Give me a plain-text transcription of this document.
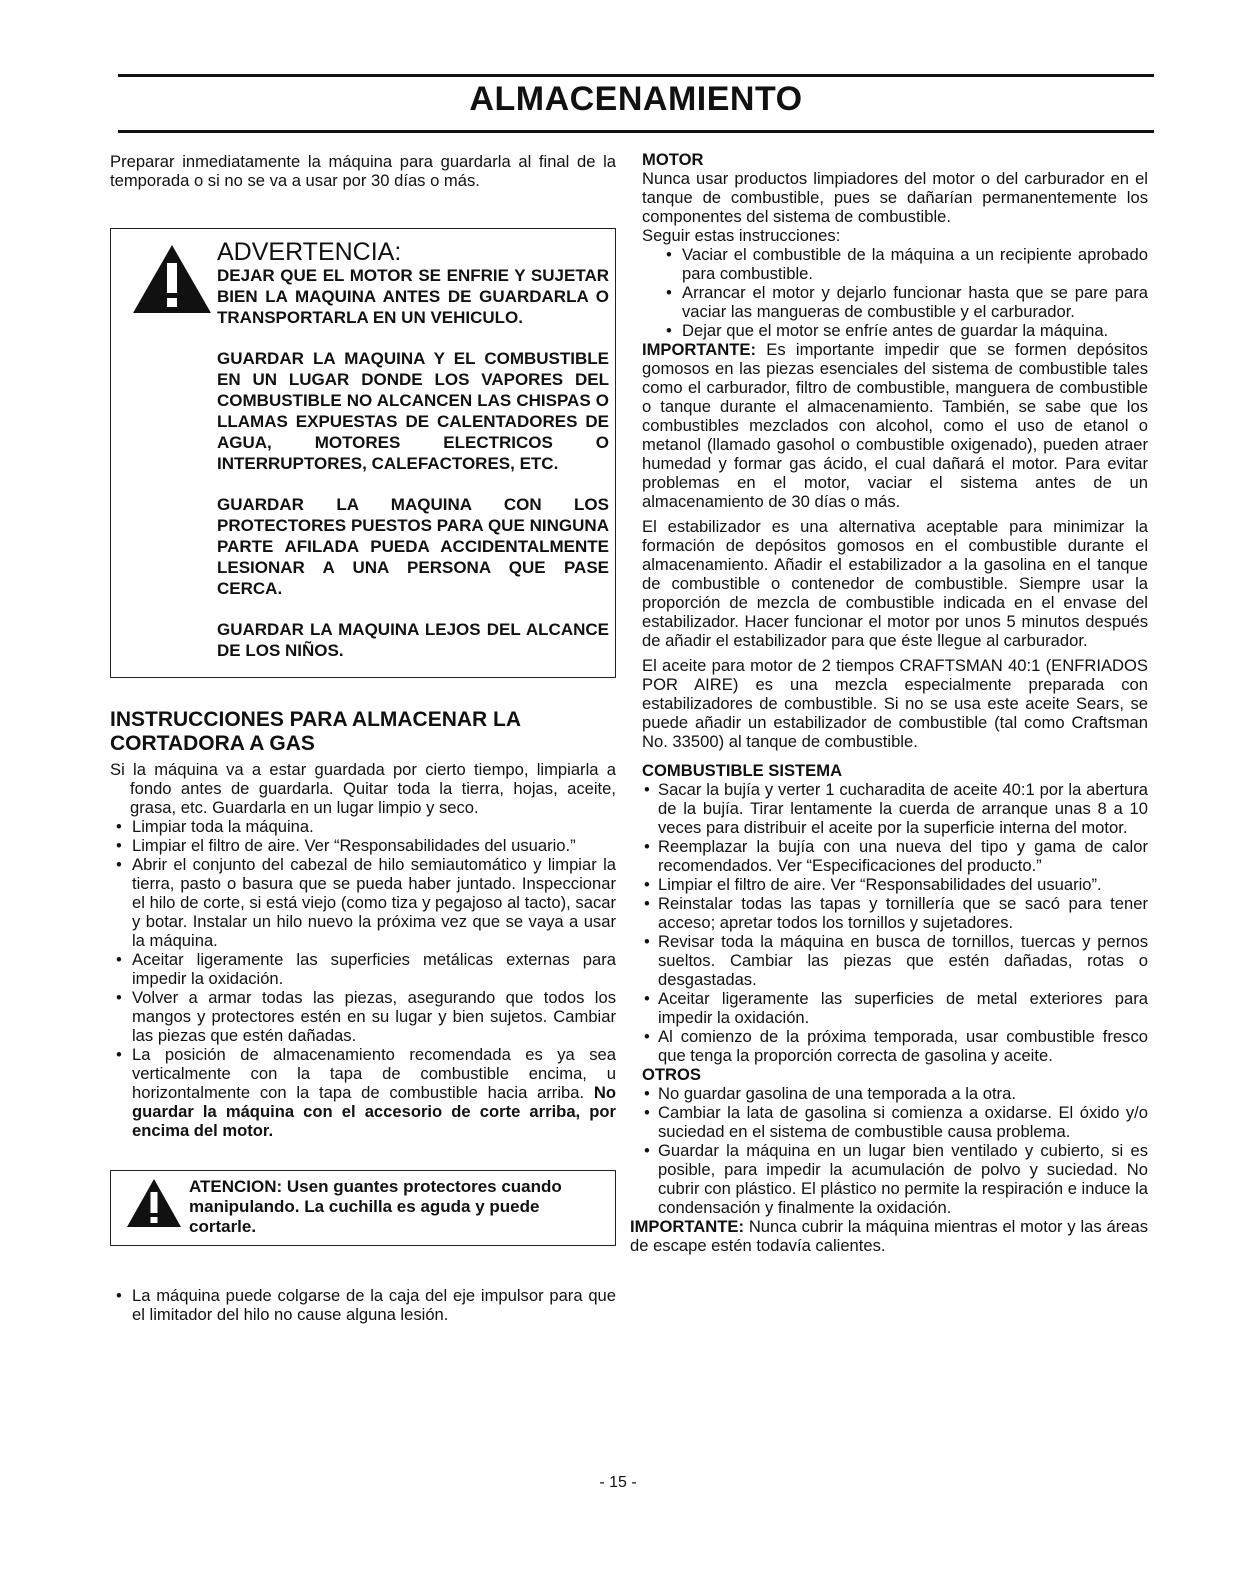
ALMACENAMIENTO

Preparar inmediatamente la máquina para guardarla al final de la temporada o si no se va a usar por 30 días o más.

ADVERTENCIA:

DEJAR QUE EL MOTOR SE ENFRIE Y SUJETAR BIEN LA MAQUINA ANTES DE GUARDARLA O TRANSPORTARLA EN UN VEHICULO.

GUARDAR LA MAQUINA Y EL COMBUSTIBLE EN UN LUGAR DONDE LOS VAPORES DEL COMBUSTIBLE NO ALCANCEN LAS CHISPAS O LLAMAS EXPUESTAS DE CALENTADORES DE AGUA, MOTORES ELECTRICOS O INTERRUPTORES, CALEFACTORES, ETC.

GUARDAR LA MAQUINA CON LOS PROTECTORES PUESTOS PARA QUE NINGUNA PARTE AFILADA PUEDA ACCIDENTALMENTE LESIONAR A UNA PERSONA QUE PASE CERCA.

GUARDAR LA MAQUINA LEJOS DEL ALCANCE DE LOS NIÑOS.

INSTRUCCIONES PARA ALMACENAR LA CORTADORA A GAS

Si la máquina va a estar guardada por cierto tiempo, limpiarla a fondo antes de guardarla. Quitar toda la tierra, hojas, aceite, grasa, etc. Guardarla en un lugar limpio y seco.

• Limpiar toda la máquina.
• Limpiar el filtro de aire. Ver “Responsabilidades del usuario.”
• Abrir el conjunto del cabezal de hilo semiautomático y limpiar la tierra, pasto o basura que se pueda haber juntado. Inspeccionar el hilo de corte, si está viejo (como tiza y pegajoso al tacto), sacar y botar. Instalar un hilo nuevo la próxima vez que se vaya a usar la máquina.
• Aceitar ligeramente las superficies metálicas externas para impedir la oxidación.
• Volver a armar todas las piezas, asegurando que todos los mangos y protectores estén en su lugar y bien sujetos. Cambiar las piezas que estén dañadas.
• La posición de almacenamiento recomendada es ya sea verticalmente con la tapa de combustible encima, u horizontalmente con la tapa de combustible hacia arriba. No guardar la máquina con el accesorio de corte arriba, por encima del motor.
ATENCION: Usen guantes protectores cuando manipulando. La cuchilla es aguda y puede cortarle.
• La máquina puede colgarse de la caja del eje impulsor para que el limitador del hilo no cause alguna lesión.

MOTOR

Nunca usar productos limpiadores del motor o del carburador en el tanque de combustible, pues se dañarían permanentemente los componentes del sistema de combustible.

Seguir estas instrucciones:

• Vaciar el combustible de la máquina a un recipiente aprobado para combustible.
• Arrancar el motor y dejarlo funcionar hasta que se pare para vaciar las mangueras de combustible y el carburador.
• Dejar que el motor se enfríe antes de guardar la máquina.

IMPORTANTE: Es importante impedir que se formen depósitos gomosos en las piezas esenciales del sistema de combustible tales como el carburador, filtro de combustible, manguera de combustible o tanque durante el almacenamiento. También, se sabe que los combustibles mezclados con alcohol, como el uso de etanol o metanol (llamado gasohol o combustible oxigenado), pueden atraer humedad y formar gas ácido, el cual dañará el motor. Para evitar problemas en el motor, vaciar el sistema antes de un almacenamiento de 30 días o más.

El estabilizador es una alternativa aceptable para minimizar la formación de depósitos gomosos en el combustible durante el almacenamiento. Añadir el estabilizador a la gasolina en el tanque de combustible o contenedor de combustible. Siempre usar la proporción de mezcla de combustible indicada en el envase del estabilizador. Hacer funcionar el motor por unos 5 minutos después de añadir el estabilizador para que éste llegue al carburador.

El aceite para motor de 2 tiempos CRAFTSMAN 40:1 (ENFRIADOS POR AIRE) es una mezcla especialmente preparada con estabilizadores de combustible. Si no se usa este aceite Sears, se puede añadir un estabilizador de combustible (tal como Craftsman No. 33500) al tanque de combustible.

COMBUSTIBLE SISTEMA

• Sacar la bujía y verter 1 cucharadita de aceite 40:1 por la abertura de la bujía. Tirar lentamente la cuerda de arranque unas 8 a 10 veces para distribuir el aceite por la superficie interna del motor.
• Reemplazar la bujía con una nueva del tipo y gama de calor recomendados. Ver “Especificaciones del producto.”
• Limpiar el filtro de aire. Ver “Responsabilidades del usuario”.
• Reinstalar todas las tapas y tornillería que se sacó para tener acceso; apretar todos los tornillos y sujetadores.
• Revisar toda la máquina en busca de tornillos, tuercas y pernos sueltos. Cambiar las piezas que estén dañadas, rotas o desgastadas.
• Aceitar ligeramente las superficies de metal exteriores para impedir la oxidación.
• Al comienzo de la próxima temporada, usar combustible fresco que tenga la proporción correcta de gasolina y aceite.

OTROS

• No guardar gasolina de una temporada a la otra.
• Cambiar la lata de gasolina si comienza a oxidarse. El óxido y/o suciedad en el sistema de combustible causa problema.
• Guardar la máquina en un lugar bien ventilado y cubierto, si es posible, para impedir la acumulación de polvo y suciedad. No cubrir con plástico. El plástico no permite la respiración e induce la condensación y finalmente la oxidación.

IMPORTANTE: Nunca cubrir la máquina mientras el motor y las áreas de escape estén todavía calientes.

- 15 -
